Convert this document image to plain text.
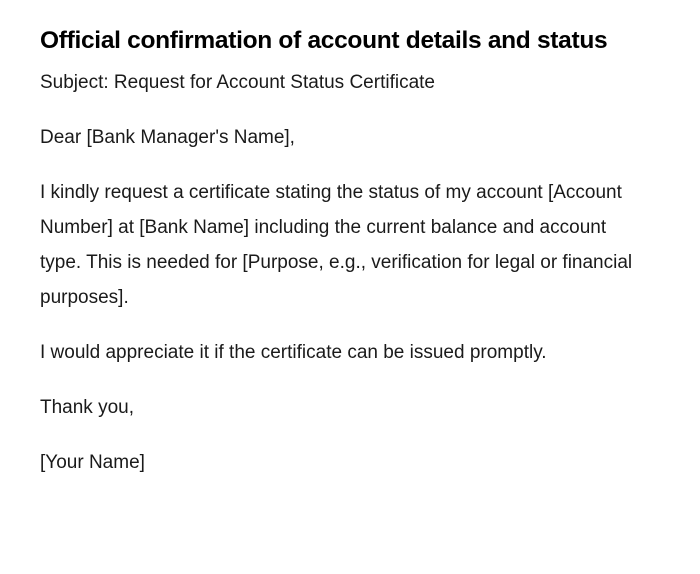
Official confirmation of account details and status

Subject: Request for Account Status Certificate

Dear [Bank Manager's Name],

I kindly request a certificate stating the status of my account [Account Number] at [Bank Name] including the current balance and account type. This is needed for [Purpose, e.g., verification for legal or financial purposes].

I would appreciate it if the certificate can be issued promptly.

Thank you,

[Your Name]
